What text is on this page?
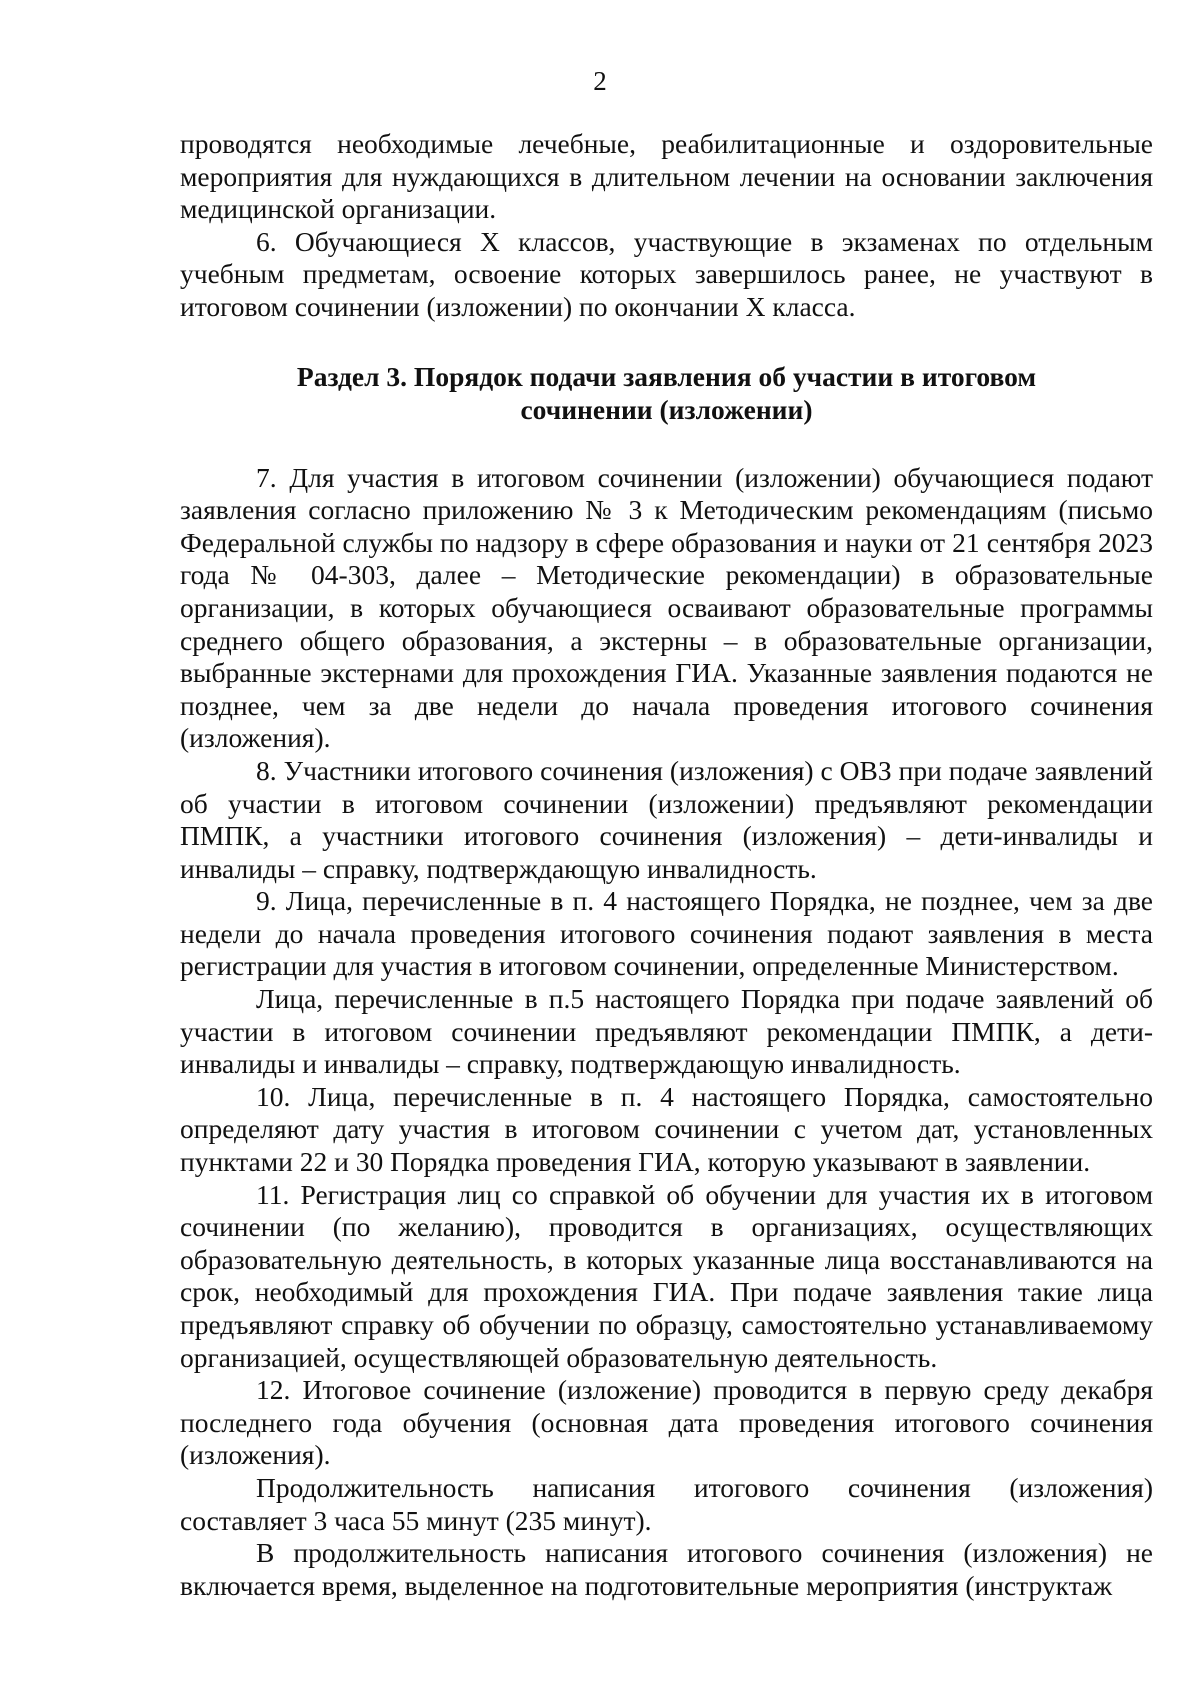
2

проводятся необходимые лечебные, реабилитационные и оздоровительные мероприятия для нуждающихся в длительном лечении на основании заключения медицинской организации.

6. Обучающиеся X классов, участвующие в экзаменах по отдельным учебным предметам, освоение которых завершилось ранее, не участвуют в итоговом сочинении (изложении) по окончании X класса.

Раздел 3. Порядок подачи заявления об участии в итоговом
сочинении (изложении)

7. Для участия в итоговом сочинении (изложении) обучающиеся подают заявления согласно приложению № 3 к Методическим рекомендациям (письмо Федеральной службы по надзору в сфере образования и науки от 21 сентября 2023 года № 04-303, далее – Методические рекомендации) в образовательные организации, в которых обучающиеся осваивают образовательные программы среднего общего образования, а экстерны – в образовательные организации, выбранные экстернами для прохождения ГИА. Указанные заявления подаются не позднее, чем за две недели до начала проведения итогового сочинения (изложения).

8. Участники итогового сочинения (изложения) с ОВЗ при подаче заявлений об участии в итоговом сочинении (изложении) предъявляют рекомендации ПМПК, а участники итогового сочинения (изложения) – дети-инвалиды и инвалиды – справку, подтверждающую инвалидность.

9. Лица, перечисленные в п. 4 настоящего Порядка, не позднее, чем за две недели до начала проведения итогового сочинения подают заявления в места регистрации для участия в итоговом сочинении, определенные Министерством.

Лица, перечисленные в п.5 настоящего Порядка при подаче заявлений об участии в итоговом сочинении предъявляют рекомендации ПМПК, а дети-инвалиды и инвалиды – справку, подтверждающую инвалидность.

10. Лица, перечисленные в п. 4 настоящего Порядка, самостоятельно определяют дату участия в итоговом сочинении с учетом дат, установленных пунктами 22 и 30 Порядка проведения ГИА, которую указывают в заявлении.

11. Регистрация лиц со справкой об обучении для участия их в итоговом сочинении (по желанию), проводится в организациях, осуществляющих образовательную деятельность, в которых указанные лица восстанавливаются на срок, необходимый для прохождения ГИА. При подаче заявления такие лица предъявляют справку об обучении по образцу, самостоятельно устанавливаемому организацией, осуществляющей образовательную деятельность.

12. Итоговое сочинение (изложение) проводится в первую среду декабря последнего года обучения (основная дата проведения итогового сочинения (изложения).

Продолжительность написания итогового сочинения (изложения) составляет 3 часа 55 минут (235 минут).

В продолжительность написания итогового сочинения (изложения) не включается время, выделенное на подготовительные мероприятия (инструктаж
